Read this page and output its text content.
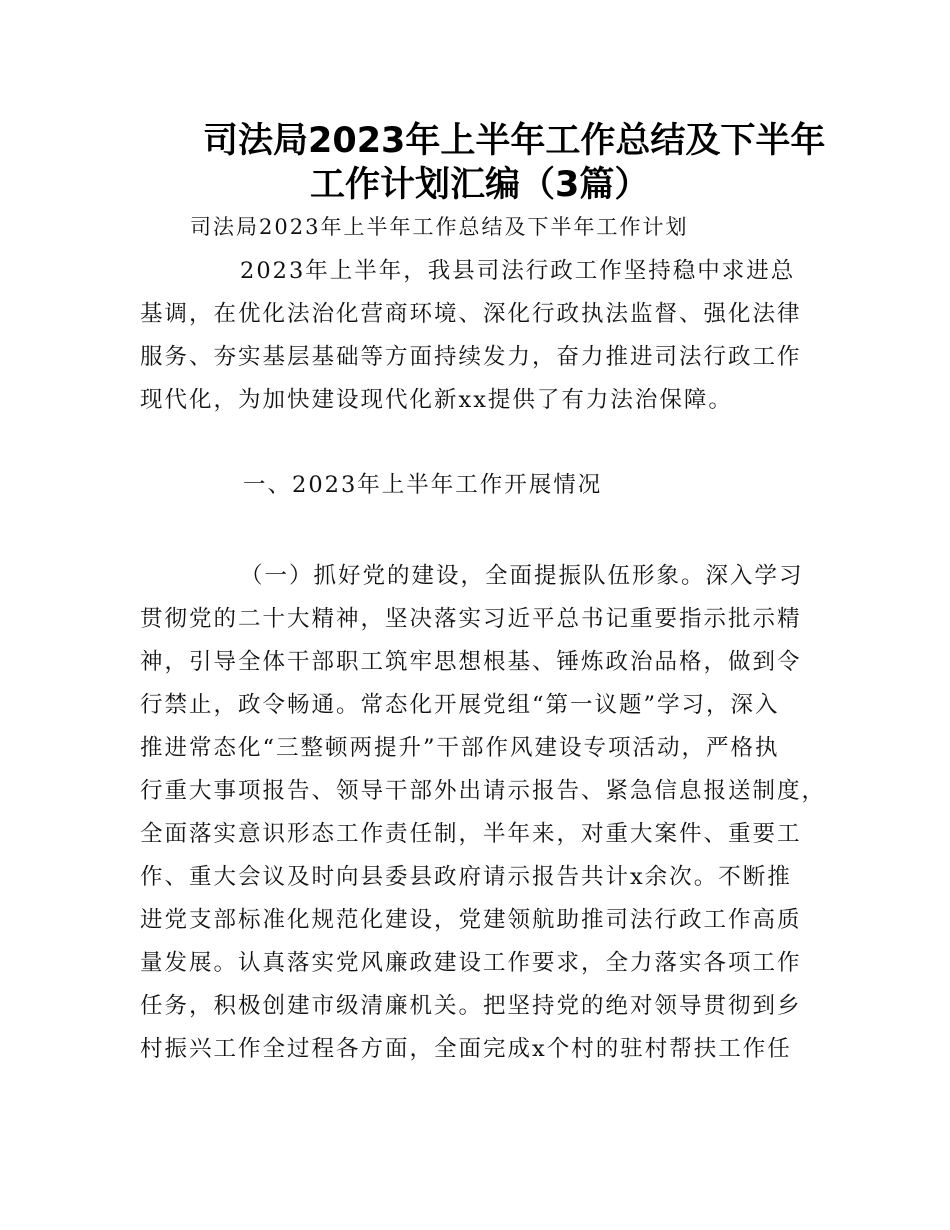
司法局2023年上半年工作总结及下半年
工作计划汇编（3篇）
司法局2023年上半年工作总结及下半年工作计划
2023年上半年，我县司法行政工作坚持稳中求进总
基调，在优化法治化营商环境、深化行政执法监督、强化法律
服务、夯实基层基础等方面持续发力，奋力推进司法行政工作
现代化，为加快建设现代化新xx提供了有力法治保障。
一、2023年上半年工作开展情况
（一）抓好党的建设，全面提振队伍形象。深入学习
贯彻党的二十大精神，坚决落实习近平总书记重要指示批示精
神，引导全体干部职工筑牢思想根基、锤炼政治品格，做到令
行禁止，政令畅通。常态化开展党组“第一议题”学习，深入
推进常态化“三整顿两提升”干部作风建设专项活动，严格执
行重大事项报告、领导干部外出请示报告、紧急信息报送制度，
全面落实意识形态工作责任制，半年来，对重大案件、重要工
作、重大会议及时向县委县政府请示报告共计x余次。不断推
进党支部标准化规范化建设，党建领航助推司法行政工作高质
量发展。认真落实党风廉政建设工作要求，全力落实各项工作
任务，积极创建市级清廉机关。把坚持党的绝对领导贯彻到乡
村振兴工作全过程各方面，全面完成x个村的驻村帮扶工作任
